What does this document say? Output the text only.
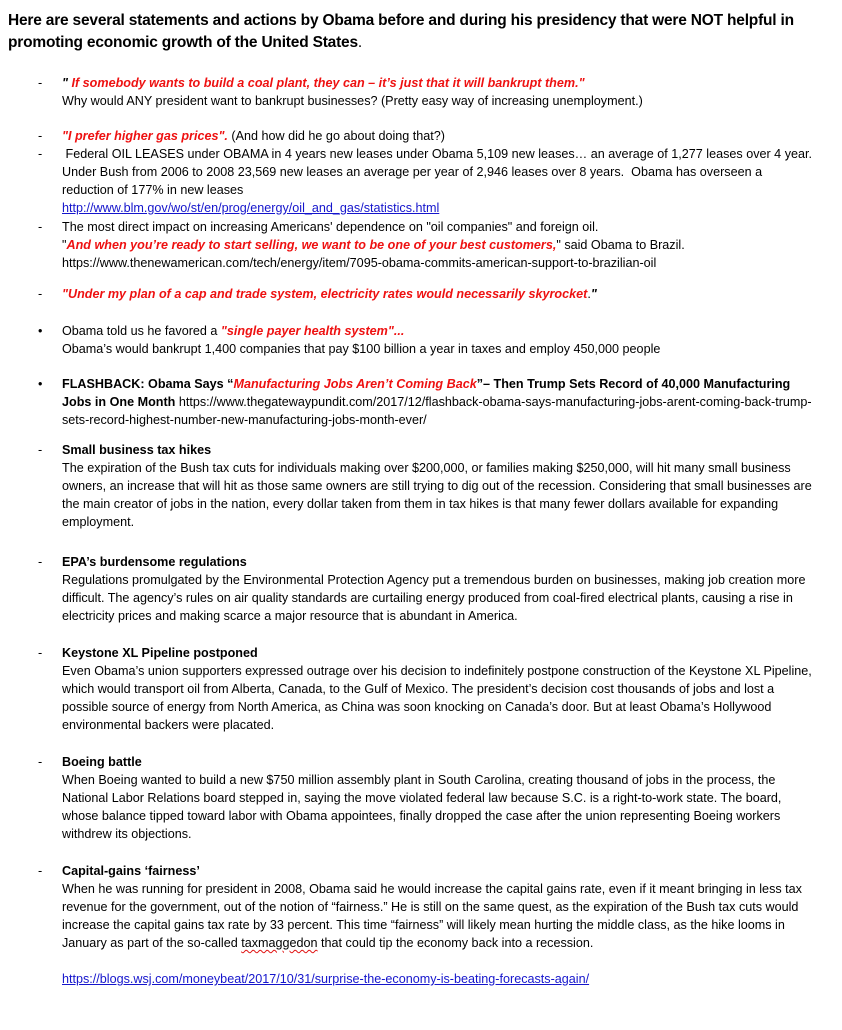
Here are several statements and actions by Obama before and during his presidency that were NOT helpful in promoting economic growth of the United States.
-	" If somebody wants to build a coal plant, they can – it’s just that it will bankrupt them."
Why would ANY president want to bankrupt businesses? (Pretty easy way of increasing unemployment.)
-	"I prefer higher gas prices". (And how did he go about doing that?)
-	Federal OIL LEASES under OBAMA in 4 years new leases under Obama 5,109 new leases… an average of 1,277 leases over 4 year.  Under Bush from 2006 to 2008 23,569 new leases an average per year of 2,946 leases over 8 years.  Obama has overseen a reduction of 177% in new leases
http://www.blm.gov/wo/st/en/prog/energy/oil_and_gas/statistics.html
-	The most direct impact on increasing Americans' dependence on "oil companies" and foreign oil.
"And when you’re ready to start selling, we want to be one of your best customers," said Obama to Brazil.
https://www.thenewamerican.com/tech/energy/item/7095-obama-commits-american-support-to-brazilian-oil
-	"Under my plan of a cap and trade system, electricity rates would necessarily skyrocket."
•	Obama told us he favored a "single payer health system"...
Obama’s would bankrupt 1,400 companies that pay $100 billion a year in taxes and employ 450,000 people
•	FLASHBACK: Obama Says “Manufacturing Jobs Aren’t Coming Back”– Then Trump Sets Record of 40,000 Manufacturing Jobs in One Month https://www.thegatewaypundit.com/2017/12/flashback-obama-says-manufacturing-jobs-arent-coming-back-trump-sets-record-highest-number-new-manufacturing-jobs-month-ever/
-	Small business tax hikes
The expiration of the Bush tax cuts for individuals making over $200,000, or families making $250,000, will hit many small business owners, an increase that will hit as those same owners are still trying to dig out of the recession. Considering that small businesses are the main creator of jobs in the nation, every dollar taken from them in tax hikes is that many fewer dollars available for expanding employment.
-	EPA’s burdensome regulations
Regulations promulgated by the Environmental Protection Agency put a tremendous burden on businesses, making job creation more difficult. The agency’s rules on air quality standards are curtailing energy produced from coal-fired electrical plants, causing a rise in electricity prices and making scarce a major resource that is abundant in America.
-	Keystone XL Pipeline postponed
Even Obama’s union supporters expressed outrage over his decision to indefinitely postpone construction of the Keystone XL Pipeline, which would transport oil from Alberta, Canada, to the Gulf of Mexico. The president’s decision cost thousands of jobs and lost a possible source of energy from North America, as China was soon knocking on Canada’s door. But at least Obama’s Hollywood environmental backers were placated.
-	Boeing battle
When Boeing wanted to build a new $750 million assembly plant in South Carolina, creating thousand of jobs in the process, the National Labor Relations board stepped in, saying the move violated federal law because S.C. is a right-to-work state. The board, whose balance tipped toward labor with Obama appointees, finally dropped the case after the union representing Boeing workers withdrew its objections.
-	Capital-gains ‘fairness’
When he was running for president in 2008, Obama said he would increase the capital gains rate, even if it meant bringing in less tax revenue for the government, out of the notion of “fairness.” He is still on the same quest, as the expiration of the Bush tax cuts would increase the capital gains tax rate by 33 percent. This time “fairness” will likely mean hurting the middle class, as the hike looms in January as part of the so-called taxmaggedon that could tip the economy back into a recession.
https://blogs.wsj.com/moneybeat/2017/10/31/surprise-the-economy-is-beating-forecasts-again/
